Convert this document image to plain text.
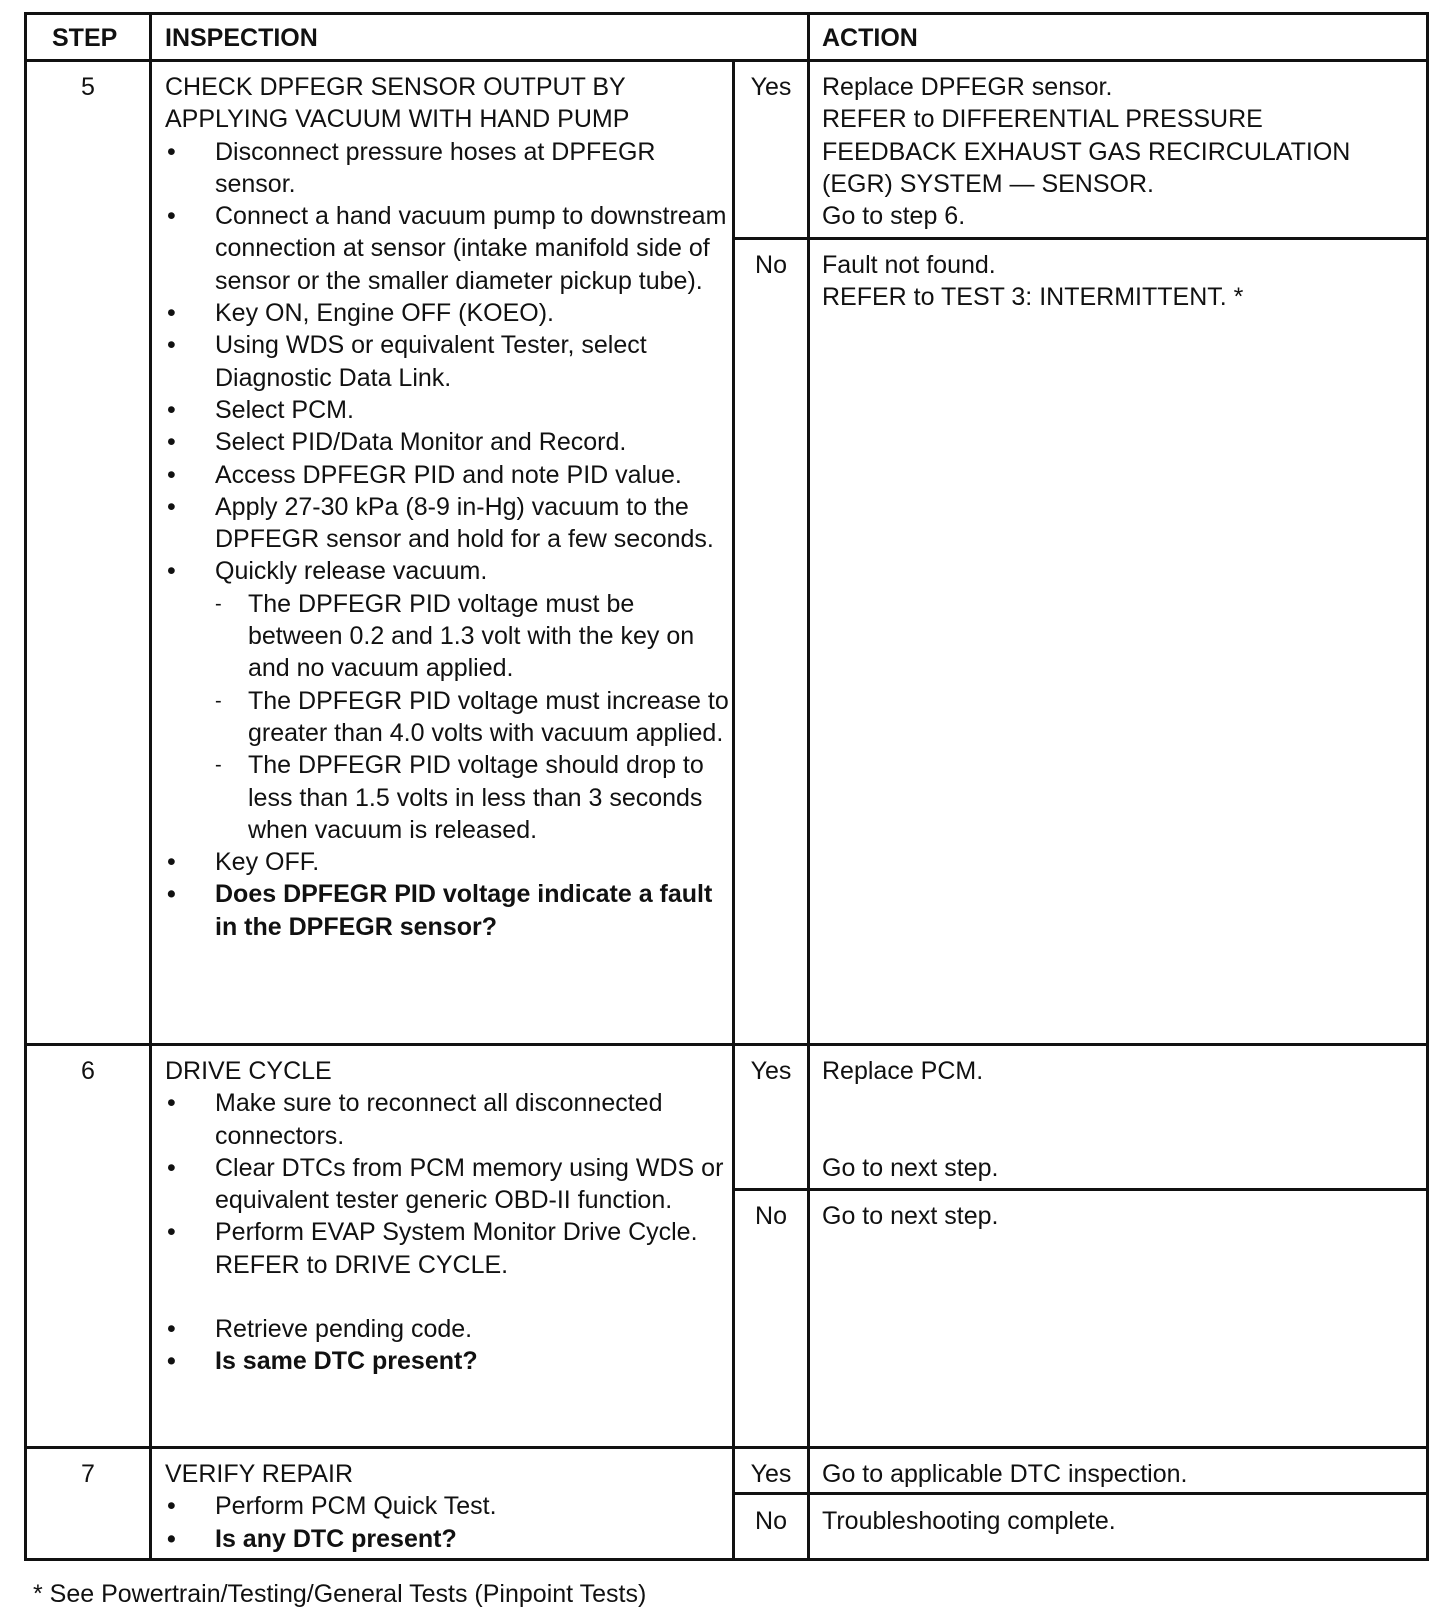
STEP INSPECTION	ACTION
5	CHECK DPFEGR SENSOR OUTPUT BY
APPLYING VACUUM WITH HAND PUMP
• Disconnect pressure hoses at DPFEGR sensor.
• Connect a hand vacuum pump to downstream connection at sensor (intake manifold side of sensor or the smaller diameter pickup tube).
• Key ON, Engine OFF (KOEO).
• Using WDS or equivalent Tester, select Diagnostic Data Link.
• Select PCM.
• Select PID/Data Monitor and Record.
• Access DPFEGR PID and note PID value.
• Apply 27-30 kPa (8-9 in-Hg) vacuum to the DPFEGR sensor and hold for a few seconds.
• Quickly release vacuum.
- The DPFEGR PID voltage must be between 0.2 and 1.3 volt with the key on and no vacuum applied.
- The DPFEGR PID voltage must increase to greater than 4.0 volts with vacuum applied.
- The DPFEGR PID voltage should drop to less than 1.5 volts in less than 3 seconds when vacuum is released.
• Key OFF.
• Does DPFEGR PID voltage indicate a fault in the DPFEGR sensor?
Yes	Replace DPFEGR sensor.
REFER to DIFFERENTIAL PRESSURE
FEEDBACK EXHAUST GAS RECIRCULATION
(EGR) SYSTEM — SENSOR.
Go to step 6.
No	Fault not found.
REFER to TEST 3: INTERMITTENT. *
6	DRIVE CYCLE
• Make sure to reconnect all disconnected connectors.
• Clear DTCs from PCM memory using WDS or equivalent tester generic OBD-II function.
• Perform EVAP System Monitor Drive Cycle.
REFER to DRIVE CYCLE.
• Retrieve pending code.
• Is same DTC present?
Yes	Replace PCM.
Go to next step.
No	Go to next step.
7	VERIFY REPAIR
• Perform PCM Quick Test.
• Is any DTC present?
Yes	Go to applicable DTC inspection.
No	Troubleshooting complete.
* See Powertrain/Testing/General Tests (Pinpoint Tests)
